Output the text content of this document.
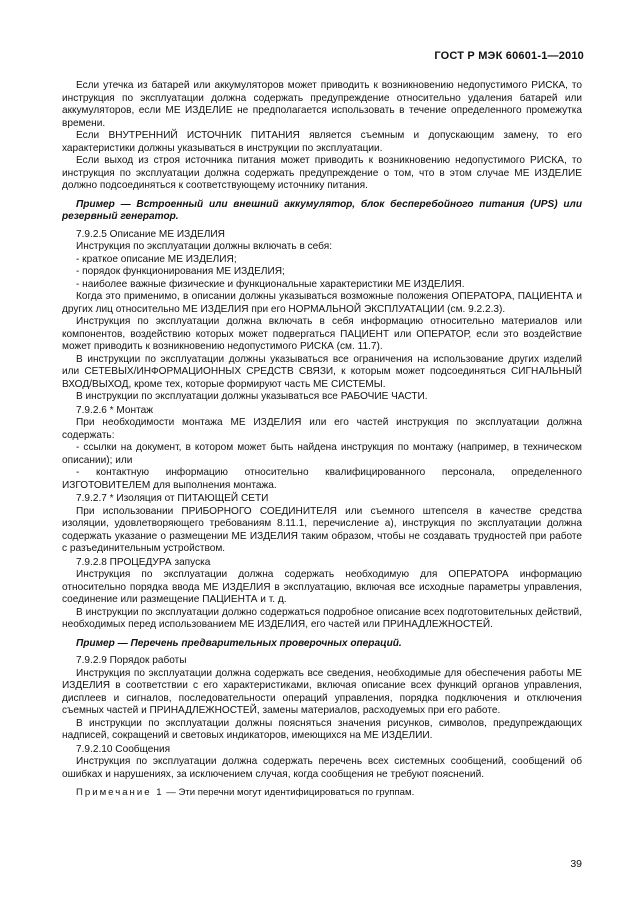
ГОСТ Р МЭК 60601-1—2010

Если утечка из батарей или аккумуляторов может приводить к возникновению недопустимого РИСКА, то инструкция по эксплуатации должна содержать предупреждение относительно удаления батарей или аккумуляторов, если МЕ ИЗДЕЛИЕ не предполагается использовать в течение определенного промежутка времени.

Если ВНУТРЕННИЙ ИСТОЧНИК ПИТАНИЯ является съемным и допускающим замену, то его характеристики должны указываться в инструкции по эксплуатации.

Если выход из строя источника питания может приводить к возникновению недопустимого РИСКА, то инструкция по эксплуатации должна содержать предупреждение о том, что в этом случае МЕ ИЗДЕЛИЕ должно подсоединяться к соответствующему источнику питания.

Пример — Встроенный или внешний аккумулятор, блок бесперебойного питания (UPS) или резервный генератор.
7.9.2.5 Описание МЕ ИЗДЕЛИЯ

Инструкция по эксплуатации должны включать в себя:

- краткое описание МЕ ИЗДЕЛИЯ;
- порядок функционирования МЕ ИЗДЕЛИЯ;
- наиболее важные физические и функциональные характеристики МЕ ИЗДЕЛИЯ.

Когда это применимо, в описании должны указываться возможные положения ОПЕРАТОРА, ПАЦИЕНТА и других лиц относительно МЕ ИЗДЕЛИЯ при его НОРМАЛЬНОЙ ЭКСПЛУАТАЦИИ (см. 9.2.2.3).

Инструкция по эксплуатации должна включать в себя информацию относительно материалов или компонентов, воздействию которых может подвергаться ПАЦИЕНТ или ОПЕРАТОР, если это воздействие может приводить к возникновению недопустимого РИСКА (см. 11.7).

В инструкции по эксплуатации должны указываться все ограничения на использование других изделий или СЕТЕВЫХ/ИНФОРМАЦИОННЫХ СРЕДСТВ СВЯЗИ, к которым может подсоединяться СИГНАЛЬНЫЙ ВХОД/ВЫХОД, кроме тех, которые формируют часть МЕ СИСТЕМЫ.

В инструкции по эксплуатации должны указываться все РАБОЧИЕ ЧАСТИ.

7.9.2.6 * Монтаж

При необходимости монтажа МЕ ИЗДЕЛИЯ или его частей инструкция по эксплуатации должна содержать:

- ссылки на документ, в котором может быть найдена инструкция по монтажу (например, в техническом описании); или

- контактную информацию относительно квалифицированного персонала, определенного ИЗГОТОВИТЕЛЕМ для выполнения монтажа.

7.9.2.7 * Изоляция от ПИТАЮЩЕЙ СЕТИ

При использовании ПРИБОРНОГО СОЕДИНИТЕЛЯ или съемного штепселя в качестве средства изоляции, удовлетворяющего требованиям 8.11.1, перечисление а), инструкция по эксплуатации должна содержать указание о размещении МЕ ИЗДЕЛИЯ таким образом, чтобы не создавать трудностей при работе с разъединительным устройством.

7.9.2.8 ПРОЦЕДУРА запуска

Инструкция по эксплуатации должна содержать необходимую для ОПЕРАТОРА информацию относительно порядка ввода МЕ ИЗДЕЛИЯ в эксплуатацию, включая все исходные параметры управления, соединение или размещение ПАЦИЕНТА и т. д.

В инструкции по эксплуатации должно содержаться подробное описание всех подготовительных действий, необходимых перед использованием МЕ ИЗДЕЛИЯ, его частей или ПРИНАДЛЕЖНОСТЕЙ.

Пример — Перечень предварительных проверочных операций.
7.9.2.9 Порядок работы

Инструкция по эксплуатации должна содержать все сведения, необходимые для обеспечения работы МЕ ИЗДЕЛИЯ в соответствии с его характеристиками, включая описание всех функций органов управления, дисплеев и сигналов, последовательности операций управления, порядка подключения и отключения съемных частей и ПРИНАДЛЕЖНОСТЕЙ, замены материалов, расходуемых при его работе.

В инструкции по эксплуатации должны поясняться значения рисунков, символов, предупреждающих надписей, сокращений и световых индикаторов, имеющихся на МЕ ИЗДЕЛИИ.

7.9.2.10 Сообщения

Инструкция по эксплуатации должна содержать перечень всех системных сообщений, сообщений об ошибках и нарушениях, за исключением случая, когда сообщения не требуют пояснений.

Примечание 1 — Эти перечни могут идентифицироваться по группам.
39
